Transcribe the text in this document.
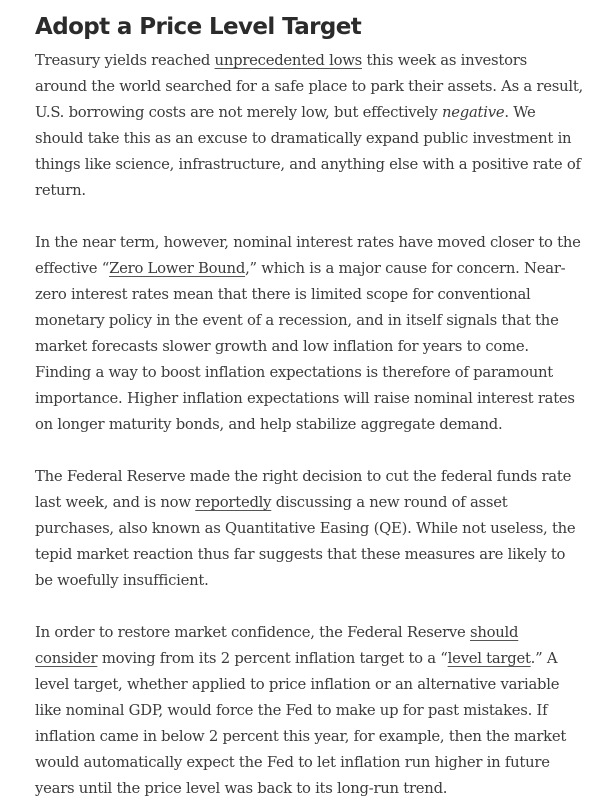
Adopt a Price Level Target

Treasury yields reached unprecedented lows this week as investors around the world searched for a safe place to park their assets. As a result, U.S. borrowing costs are not merely low, but effectively negative. We should take this as an excuse to dramatically expand public investment in things like science, infrastructure, and anything else with a positive rate of return.

In the near term, however, nominal interest rates have moved closer to the effective “Zero Lower Bound,” which is a major cause for concern. Near-zero interest rates mean that there is limited scope for conventional monetary policy in the event of a recession, and in itself signals that the market forecasts slower growth and low inflation for years to come. Finding a way to boost inflation expectations is therefore of paramount importance. Higher inflation expectations will raise nominal interest rates on longer maturity bonds, and help stabilize aggregate demand.

The Federal Reserve made the right decision to cut the federal funds rate last week, and is now reportedly discussing a new round of asset purchases, also known as Quantitative Easing (QE). While not useless, the tepid market reaction thus far suggests that these measures are likely to be woefully insufficient.

In order to restore market confidence, the Federal Reserve should consider moving from its 2 percent inflation target to a “level target.” A level target, whether applied to price inflation or an alternative variable like nominal GDP, would force the Fed to make up for past mistakes. If inflation came in below 2 percent this year, for example, then the market would automatically expect the Fed to let inflation run higher in future years until the price level was back to its long-run trend.
